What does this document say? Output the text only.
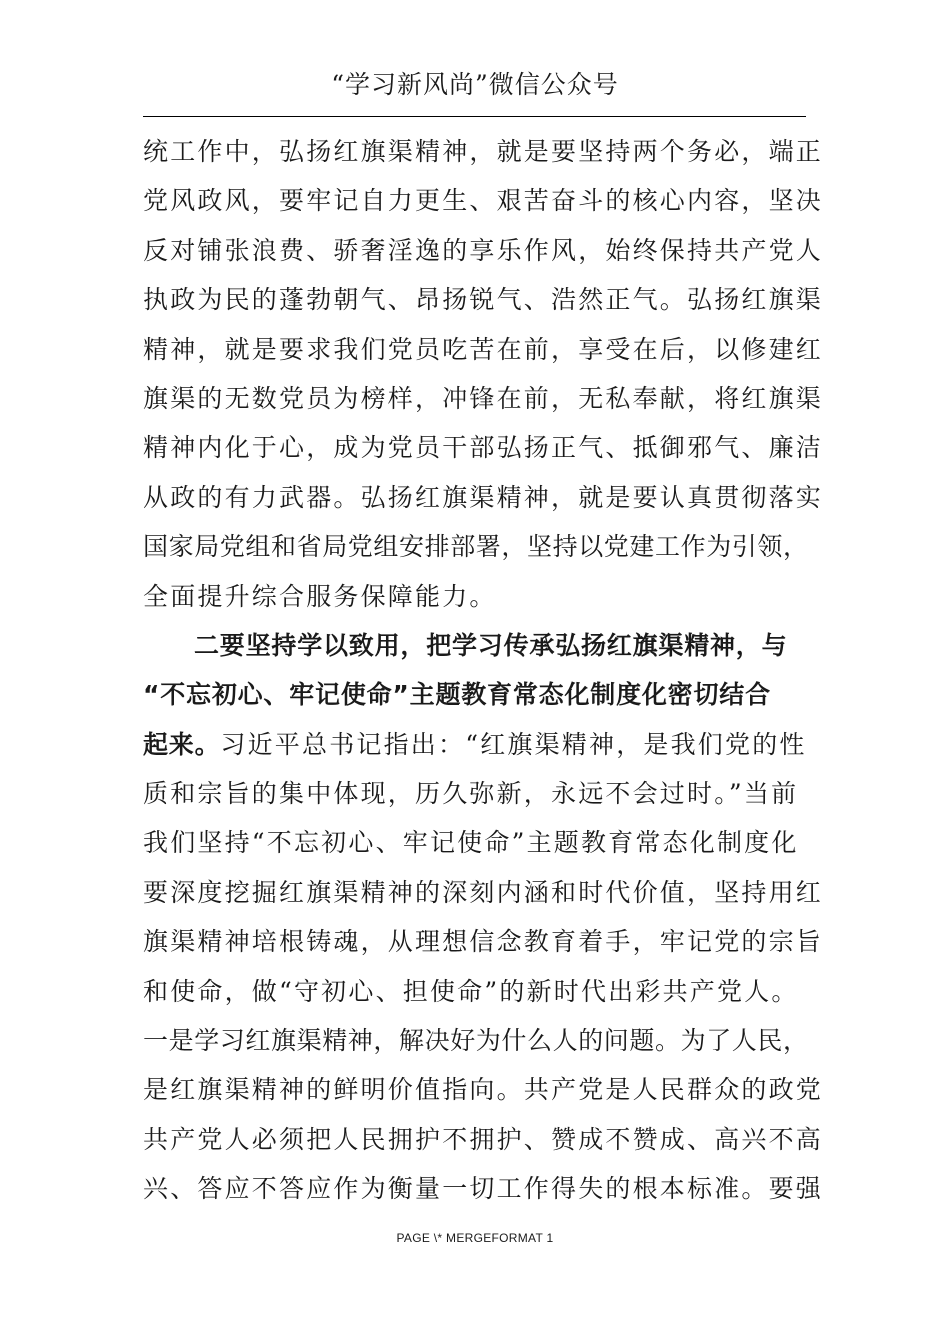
“学习新风尚”微信公众号
统工作中，弘扬红旗渠精神，就是要坚持两个务必，端正
党风政风，要牢记自力更生、艰苦奋斗的核心内容，坚决
反对铺张浪费、骄奢淫逸的享乐作风，始终保持共产党人
执政为民的蓬勃朝气、昂扬锐气、浩然正气。弘扬红旗渠
精神，就是要求我们党员吃苦在前，享受在后，以修建红
旗渠的无数党员为榜样，冲锋在前，无私奉献，将红旗渠
精神内化于心，成为党员干部弘扬正气、抵御邪气、廉洁
从政的有力武器。弘扬红旗渠精神，就是要认真贯彻落实
国家局党组和省局党组安排部署，坚持以党建工作为引领，
全面提升综合服务保障能力。
二要坚持学以致用，把学习传承弘扬红旗渠精神，与
“不忘初心、牢记使命”主题教育常态化制度化密切结合
起来。习近平总书记指出：“红旗渠精神，是我们党的性
质和宗旨的集中体现，历久弥新，永远不会过时。”当前
我们坚持“不忘初心、牢记使命”主题教育常态化制度化
要深度挖掘红旗渠精神的深刻内涵和时代价值，坚持用红
旗渠精神培根铸魂，从理想信念教育着手，牢记党的宗旨
和使命，做“守初心、担使命”的新时代出彩共产党人。
一是学习红旗渠精神，解决好为什么人的问题。为了人民，
是红旗渠精神的鲜明价值指向。共产党是人民群众的政党
共产党人必须把人民拥护不拥护、赞成不赞成、高兴不高
兴、答应不答应作为衡量一切工作得失的根本标准。要强
PAGE \* MERGEFORMAT 1
